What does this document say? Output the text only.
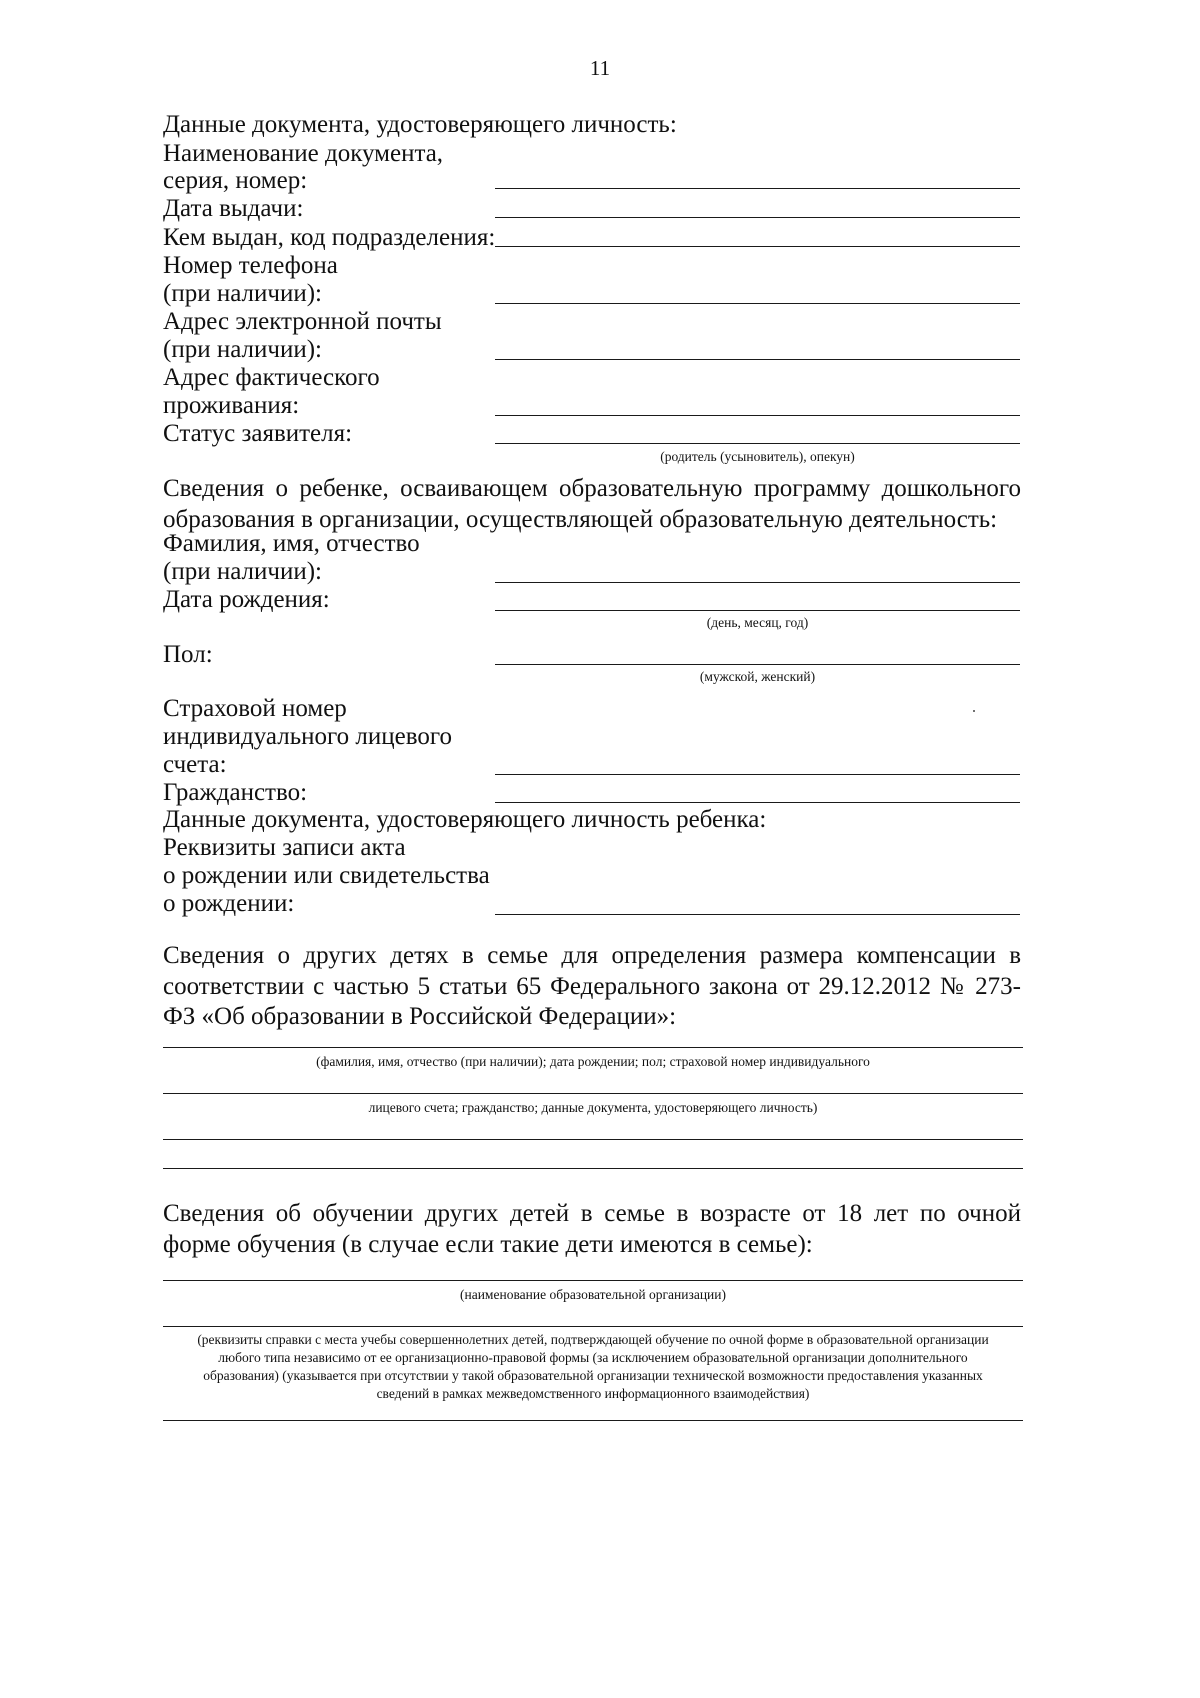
11
Данные документа, удостоверяющего личность:
Наименование документа,
серия, номер:
Дата выдачи:
Кем выдан, код подразделения:
Номер телефона
(при наличии):
Адрес электронной почты
(при наличии):
Адрес фактического
проживания:
Статус заявителя:
(родитель (усыновитель), опекун)
Сведения о ребенке, осваивающем образовательную программу дошкольного образования в организации, осуществляющей образовательную деятельность:
Фамилия, имя, отчество
(при наличии):
Дата рождения:
(день, месяц, год)
Пол:
(мужской, женский)
Страховой номер
индивидуального лицевого
счета:
Гражданство:
Данные документа, удостоверяющего личность ребенка:
Реквизиты записи акта
о рождении или свидетельства
о рождении:
Сведения о других детях в семье для определения размера компенсации в соответствии с частью 5 статьи 65 Федерального закона от 29.12.2012 № 273-ФЗ «Об образовании в Российской Федерации»:
(фамилия, имя, отчество (при наличии); дата рождении; пол; страховой номер индивидуального
лицевого счета; гражданство; данные документа, удостоверяющего личность)
Сведения об обучении других детей в семье в возрасте от 18 лет по очной форме обучения (в случае если такие дети имеются в семье):
(наименование образовательной организации)
(реквизиты справки с места учебы совершеннолетних детей, подтверждающей обучение по очной форме в образовательной организации любого типа независимо от ее организационно-правовой формы (за исключением образовательной организации дополнительного образования) (указывается при отсутствии у такой образовательной организации технической возможности предоставления указанных сведений в рамках межведомственного информационного взаимодействия)
